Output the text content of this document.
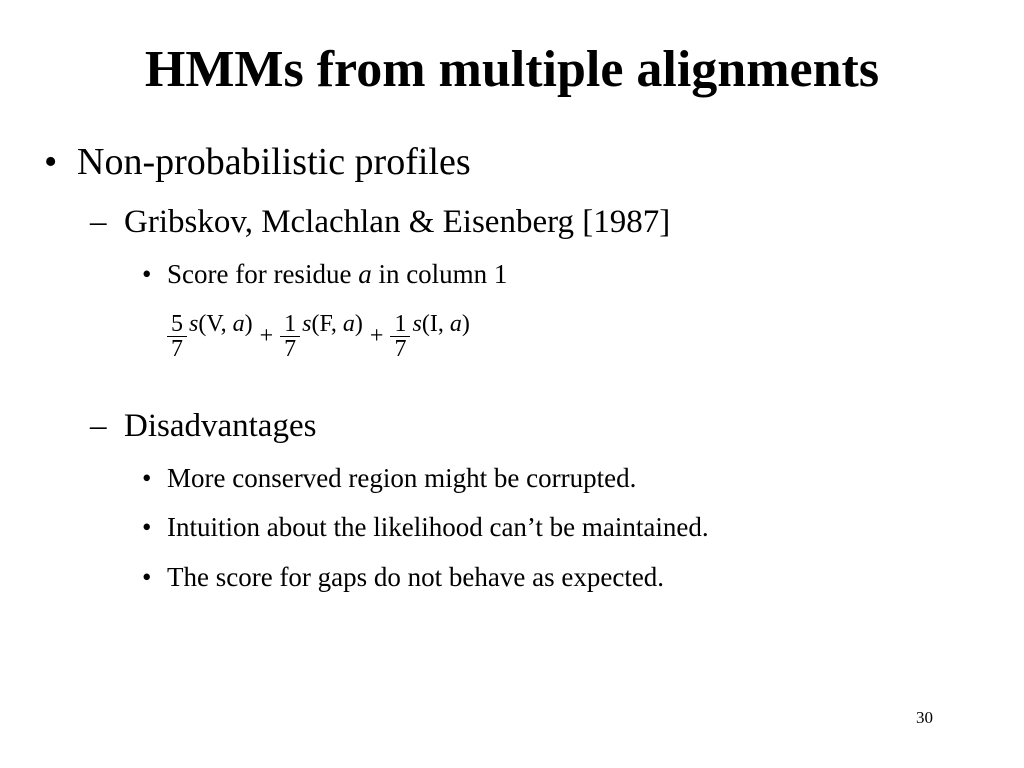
HMMs from multiple alignments
• Non-probabilistic profiles
– Gribskov, Mclachlan & Eisenberg [1987]
• Score for residue a in column 1
$\frac{5}{7} s(V$, $a) + \frac{1}{7} s(F$, $a) + \frac{1}{7} s(I$, a)
– Disadvantages
• More conserved region might be corrupted.
• Intuition about the likelihood can’t be maintained.
• The score for gaps do not behave as expected.
30
